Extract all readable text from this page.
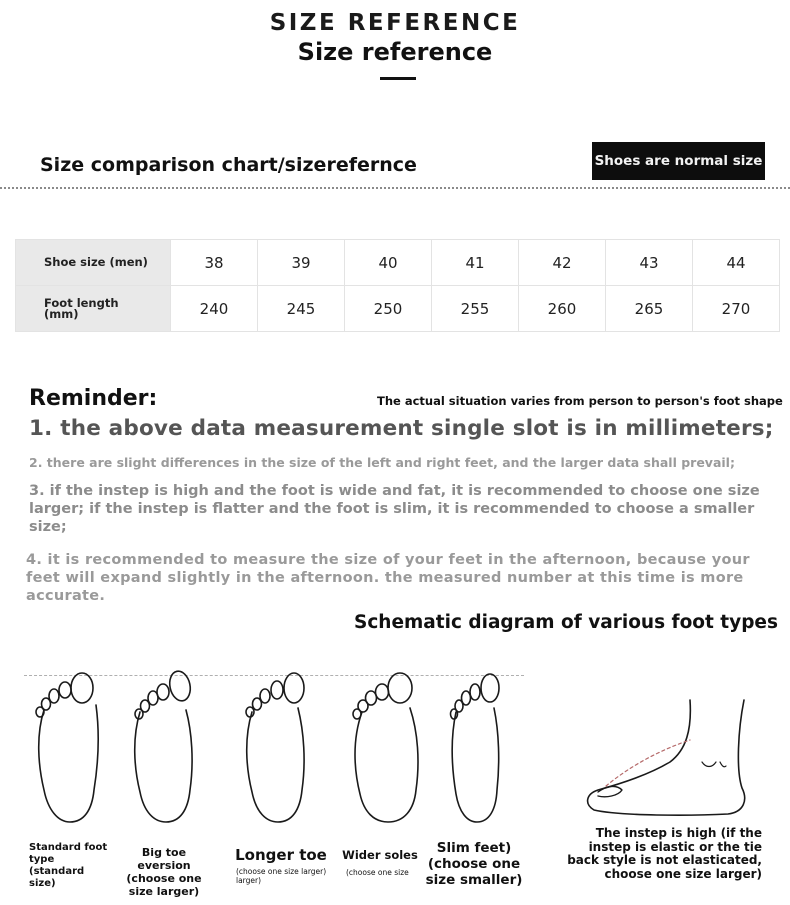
SIZE REFERENCE
Size reference
Size comparison chart/sizerefernce	Shoes are normal size
Shoe size (men)	38	39	40	41	42	43	44
Foot length
(mm)	240	245	250	255	260	265	270
Reminder:	The actual situation varies from person to person's foot shape
1. the above data measurement single slot is in millimeters;
2. there are slight differences in the size of the left and right feet, and the larger data shall prevail;
3. if the instep is high and the foot is wide and fat, it is recommended to choose one size larger; if the instep is flatter and the foot is slim, it is recommended to choose a smaller size;
4. it is recommended to measure the size of your feet in the afternoon, because your feet will expand slightly in the afternoon. the measured number at this time is more accurate.
Schematic diagram of various foot types
Standard foot type (standard size)
Big toe eversion (choose one size larger)
Longer toe
(choose one size larger) larger)
Wider soles
(choose one size
Slim feet) (choose one size smaller)
The instep is high (if the instep is elastic or the tie back style is not elasticated, choose one size larger)
